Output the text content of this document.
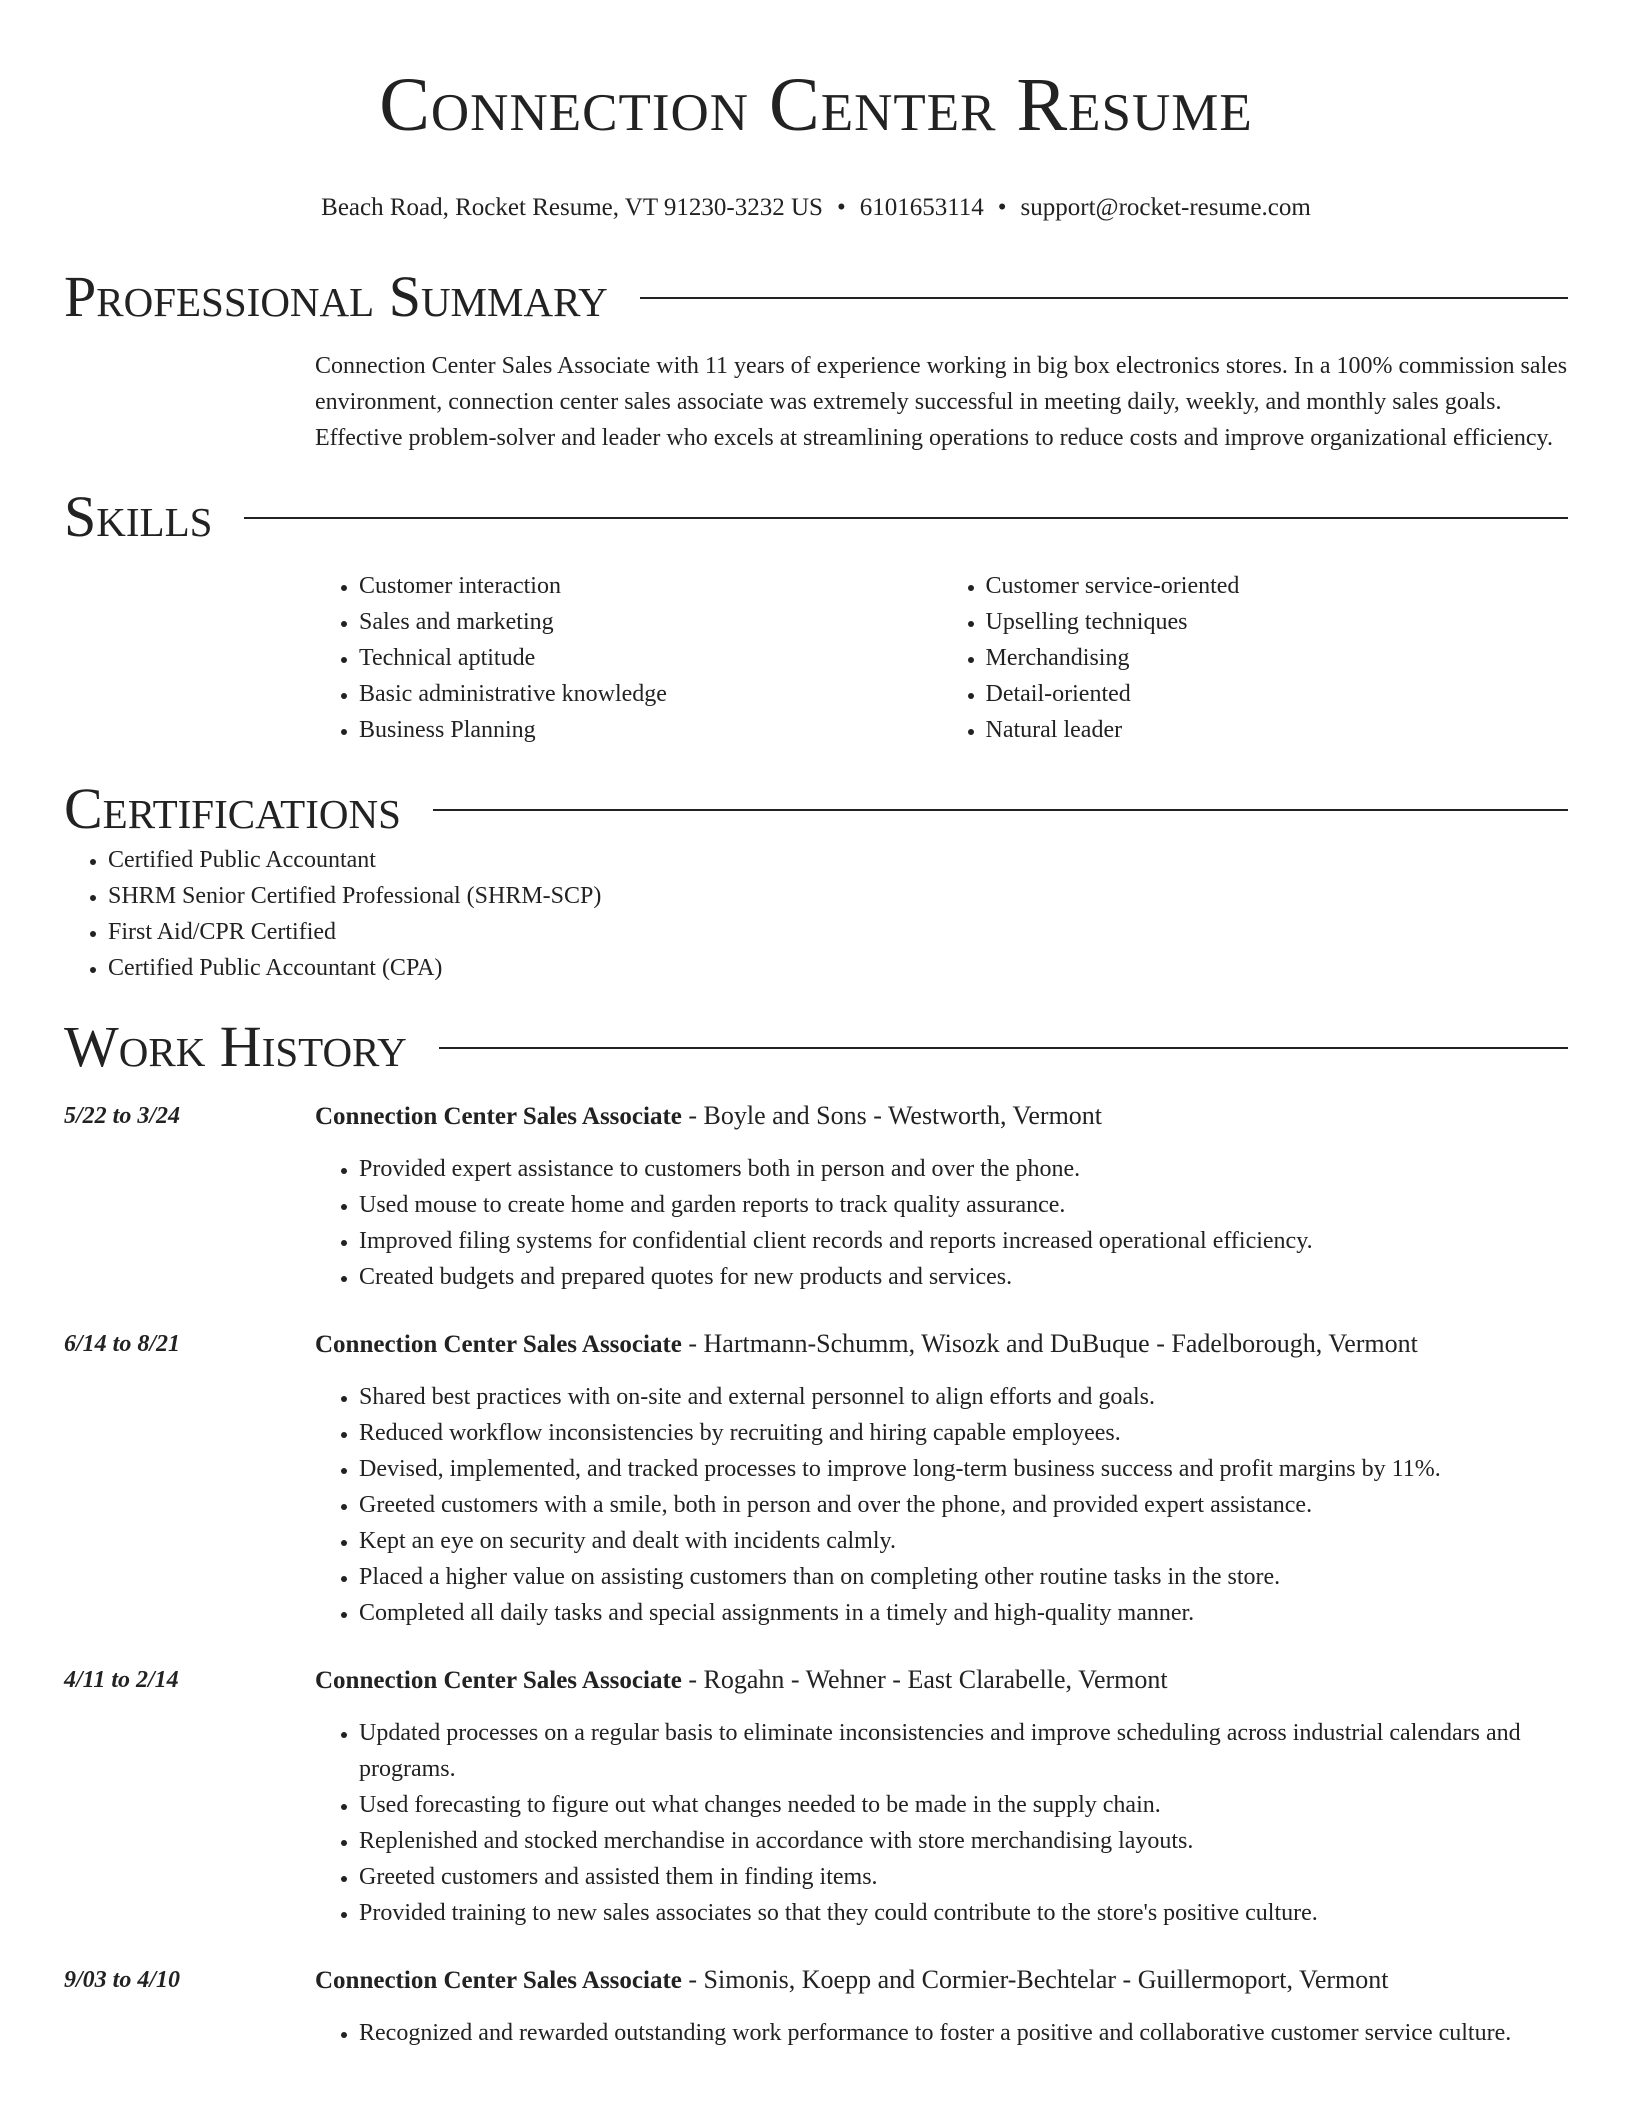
Connection Center Resume
Beach Road, Rocket Resume, VT 91230-3232 US • 6101653114 • support@rocket-resume.com
Professional Summary

Connection Center Sales Associate with 11 years of experience working in big box electronics stores. In a 100% commission sales environment, connection center sales associate was extremely successful in meeting daily, weekly, and monthly sales goals. Effective problem-solver and leader who excels at streamlining operations to reduce costs and improve organizational efficiency.

Skills
• Customer interaction
• Sales and marketing
• Technical aptitude
• Basic administrative knowledge
• Business Planning
• Customer service-oriented
• Upselling techniques
• Merchandising
• Detail-oriented
• Natural leader
Certifications
• Certified Public Accountant
• SHRM Senior Certified Professional (SHRM-SCP)
• First Aid/CPR Certified
• Certified Public Accountant (CPA)
Work History
5/22 to 3/24	Connection Center Sales Associate - Boyle and Sons - Westworth, Vermont
• Provided expert assistance to customers both in person and over the phone.
• Used mouse to create home and garden reports to track quality assurance.
• Improved filing systems for confidential client records and reports increased operational efficiency.
• Created budgets and prepared quotes for new products and services.
6/14 to 8/21	Connection Center Sales Associate - Hartmann-Schumm, Wisozk and DuBuque - Fadelborough, Vermont
• Shared best practices with on-site and external personnel to align efforts and goals.
• Reduced workflow inconsistencies by recruiting and hiring capable employees.
• Devised, implemented, and tracked processes to improve long-term business success and profit margins by 11%.
• Greeted customers with a smile, both in person and over the phone, and provided expert assistance.
• Kept an eye on security and dealt with incidents calmly.
• Placed a higher value on assisting customers than on completing other routine tasks in the store.
• Completed all daily tasks and special assignments in a timely and high-quality manner.
4/11 to 2/14	Connection Center Sales Associate - Rogahn - Wehner - East Clarabelle, Vermont
• Updated processes on a regular basis to eliminate inconsistencies and improve scheduling across industrial calendars and programs.
• Used forecasting to figure out what changes needed to be made in the supply chain.
• Replenished and stocked merchandise in accordance with store merchandising layouts.
• Greeted customers and assisted them in finding items.
• Provided training to new sales associates so that they could contribute to the store's positive culture.
9/03 to 4/10	Connection Center Sales Associate - Simonis, Koepp and Cormier-Bechtelar - Guillermoport, Vermont
• Recognized and rewarded outstanding work performance to foster a positive and collaborative customer service culture.
